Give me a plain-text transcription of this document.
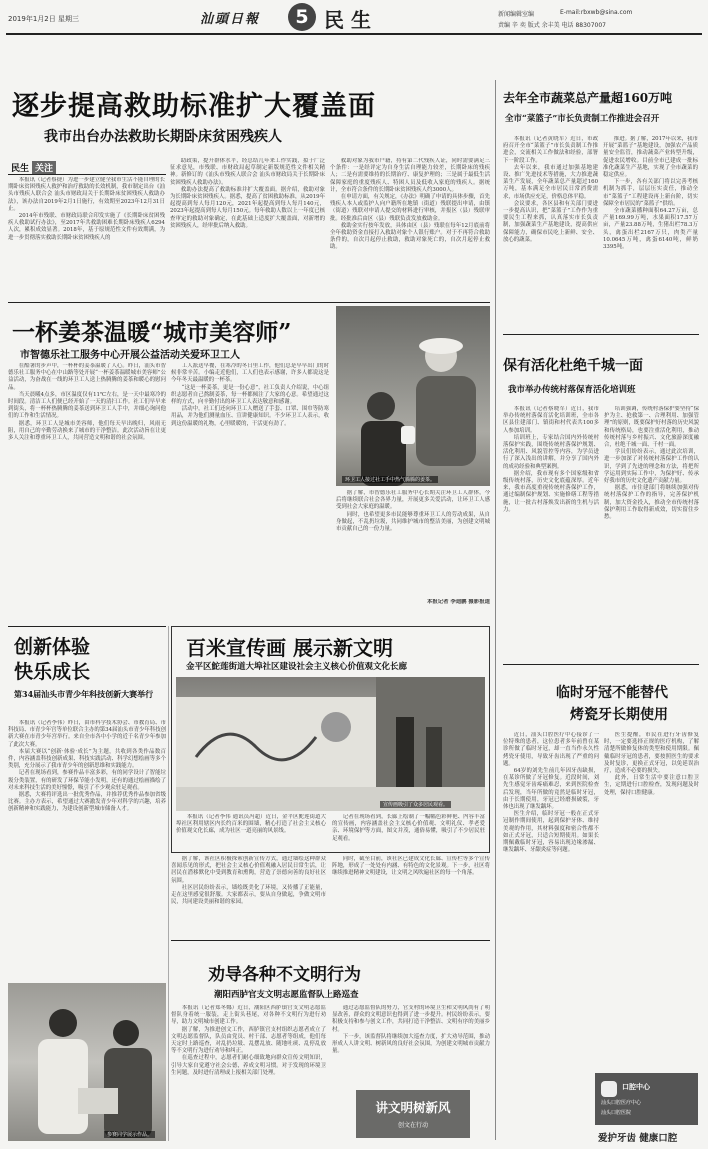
2019年1月2日 星期三	汕頭日報	5 民 生	新闻编辑室编	E-mail:rbxwb@sina.com
责编 辛 奕 版式 余丰美 电话 88307007
逐步提高救助标准扩大覆盖面
我市出台办法救助长期卧床贫困残疾人
民生 关注

本报讯（记者蔡捷）为进一步建立健全我市生活不能自理的长期卧床贫困残疾人救护和治疗救助的长效机制，我市制定出台《汕头市残疾人联合会 汕头市财政局关于长期卧床贫困残疾人救助办法》，该办法自2019年2月1日施行，有效期至2023年12月31日止。

2014年市残联、市财政局联合印发实施了《长期卧床贫困残疾人救助试行办法》，至2017年共救助困难长期卧床残疾人6294人次，累积成效显著。2018年，基于原规范性文件有效期满，为进一步贯彻落实救助长期卧床贫困残疾人的

助政策，提升群体水平，经总结几年来工作实践，拟于广泛征求意见，市残联、市财政局起草制定新版规范性文件相关精神。新修订的《汕头市残疾人联合会 汕头市财政局关于长期卧床贫困残疾人救助办法》。

救助办法提高了救助标准并扩大覆盖面。据介绍，救助对象为长期卧床贫困残疾人。据悉，提高了贫困救助标准，从2019年起提高到每人每月120元，2021年起提高到每人每月140元，2023年起提高到每人每月150元。每年救助人数以上一年度已核查审定的救助对象确定，在此基础上适度扩大覆盖面，对新增的贫困残疾人，经审批后纳入救助。

救助对象为我市户籍，持有第二代残疾人证，同时需要满足三个条件：一是经评定为自身生活自理能力较差，长期卧床的残疾人；二是有需要维持的长期治疗、康复护理的；三是属于最低生活保障家庭的重度残疾人、特困人员及低收入家庭的残疾人。据统计，全市符合条件的长期卧床贫困残疾人约3000人。

在申请方面，有关规定，《办法》明确了申请的具体步骤，首先残疾人本人或监护人向户籍所在地镇（街道）残联提出申请，由镇（街道）残联对申请人提交的材料进行审核，并报区（县）残联审批。经批准后由区（县）残联负责发放救助金。

救助金实行按年发放，具体由区（县）残联在每年12月底前将全年救助资金直接打入救助对象个人银行账户。对于不再符合救助条件的，自次月起停止救助，救助对象死亡的，自次月起停止救助。

去年全市蔬菜总产量超160万吨
全市“菜篮子”市长负责制工作推进会召开

本报讯（记者黄晓军）近日，市政府召开全市“菜篮子”市长负责制工作推进会，交流相关工作做法和经验，部署下一阶段工作。

去年以来，我市通过加强基地建设、推广先进技术等措施，大力推进蔬菜生产发展，全年蔬菜总产量超过160万吨，基本满足全市居民日常消费需求，市场供应充足，价格总体平稳。

会议要求，各区县和有关部门要进一步提高认识，把“菜篮子”工作作为重要民生工程来抓，认真落实市长负责制，加强蔬菜生产基地建设，提高供应保障能力，确保市民吃上新鲜、安全、放心的蔬菜。

推进。据了解，2017年以来，我市开展“菜篮子”基地建设，加强农产品质量安全监管，推动蔬菜产业转型升级，促进农民增收。目前全市已建成一批标准化蔬菜生产基地，实现了全市蔬菜的稳定供应。

下一步，各有关部门将以完善考核机制为抓手，层层压实责任，推动全市“菜篮子”工程建设再上新台阶，切实保障全市居民的“菜篮子”供给。

全市蔬菜播种面积64.27万亩，总产量169.99万吨，水果面积17.57万亩，产量23.88万吨，生猪出栏78.3万头，禽蛋出栏2167万只，肉类产量10.0645万吨，禽蛋6140吨，鲜奶3395吨。

一杯姜茶温暖“城市美容师”
市智德乐社工服务中心开展公益活动关爱环卫工人
环卫工人接过社工手中热气腾腾的姜茶。

在酷暑的步声中，一杯杯的姜茶温暖了人心。昨日，汕头市智德乐社工服务中心在中山路等处开展“一杯姜茶温暖城市美容师”公益活动，为奋战在一线的环卫工人送上热腾腾的姜茶和暖心的慰问品。

当天晨曦4点多，市区温度仅有11℃左右，是一天中最寒冷的时间段。清洁工人们便已经开始了一天的清扫工作。社工们早早来到街头，将一杯杯热腾腾的姜茶送到环卫工人手中，并细心询问他们的工作和生活情况。

据悉，环卫工人是城市美容师，他们每天早出晚归，风雨无阻，用自己的辛勤劳动换来了城市的干净整洁。此次活动旨在让更多人关注和尊重环卫工人，共同营造文明和谐的社会氛围。

工人派送早餐，在寒冷的冬日里工作，他们总是早早出门的时候非常辛苦。小编走近他们，工人们也表示感谢，许多人都说这是今年冬天最温暖的一杯茶。

“这是一杯姜茶，更是一份心意”，社工负责人介绍说，中心组织志愿者自己熬制姜茶，每一杯都倾注了大家的心意。希望通过这样的方式，向辛勤付出的环卫工人表达敬意和感谢。

活动中，社工们还向环卫工人赠送了手套、口罩、围巾等防寒用品，并为他们测量血压、宣讲健康知识。不少环卫工人表示，收到这份温暖的礼物，心里暖暖的，干活更有劲了。

据了解，市智德乐社工服务中心长期关注环卫工人群体，今后将继续联合社会各界力量，开展更多关爱活动，让环卫工人感受到社会大家庭的温暖。

同时，也希望更多市民能够尊重环卫工人的劳动成果，从自身做起，不乱扔垃圾，共同维护城市的整洁美丽，为创建文明城市贡献自己的一份力量。

本报记者 李迪鹏 摄影报道
保有活化杜绝千城一面
我市举办传统村落保育活化培训班

本报讯（记者蔡晓军）近日，我市举办传统村落保育活化培训班，全市各区县住建部门、镇街和村代表共100多人参加培训。

培训班上，专家结合国内外传统村落保护实践，围绕传统村落保护规划、活化利用、风貌管控等内容，为学员进行了深入浅出的讲解，并分享了国内外的成功经验和典型案例。

据介绍，我市现有多个国家级和省级传统村落，历史文化底蕴深厚。近年来，我市高度重视传统村落保护工作，通过编制保护规划、实施修缮工程等措施，让一批古村落焕发出新的生机与活力。

培训强调，传统村落保护要坚持“保护为主、抢救第一、合理利用、加强管理”的原则，既要保护好村落的历史风貌和传统格局，也要注重活化利用，推动传统村落与乡村振兴、文化旅游深度融合，杜绝千城一面、千村一面。

学员们纷纷表示，通过此次培训，进一步加深了对传统村落保护工作的认识，学到了先进的理念和方法，将把所学运用到实际工作中，为保护好、传承好我市的历史文化遗产贡献力量。

据悉，市住建部门将继续加强对传统村落保护工作的指导，完善保护机制，加大资金投入，推动全市传统村落保护利用工作取得新成效，切实留住乡愁。

创新体验
快乐成长
第34届汕头市青少年科技创新大赛举行

本报讯（记者李伟）昨日，由市科学技术协会、市教育局、市科技局、市青少年宫等单位联合主办的第34届汕头市青少年科技创新大赛在市青少年宫举行。来自全市各中小学的近千名青少年参加了此次大赛。

本届大赛以“创新·体验·成长”为主题，共收到各类作品数百件，内容涵盖科技创新成果、科技实践活动、科学幻想绘画等多个类别，充分展示了我市青少年的创新思维和实践能力。

记者在现场看到，参赛作品丰富多彩，有的同学设计了智能垃圾分类装置，有的研发了环保节能小发明，还有的通过绘画描绘了对未来科技生活的美好憧憬，吸引了不少观众驻足观看。

据悉，大赛将评选出一批优秀作品，并推荐优秀作品参加省级比赛。主办方表示，希望通过大赛激发青少年对科学的兴趣，培养创新精神和实践能力，为建设创新型城市储备人才。

参赛同学展示作品。
百米宣传画 展示新文明
金平区鮀莲街道大埠社区建设社会主义核心价值观文化长廊
宣传画吸引了众多居民观看。

本报讯（记者李伟 通讯员冯超）近日，金平区鮀莲街道大埠社区利用辖区内长约百米的围墙，精心打造了社会主义核心价值观文化长廊，成为社区一道亮丽的风景线。

记者在现场看到，长廊上绘制了一幅幅色彩鲜艳、内容丰富的宣传画，内容涵盖社会主义核心价值观、文明礼仪、孝老爱亲、环境保护等方面，图文并茂，通俗易懂，吸引了不少居民驻足观看。

据了解，该社区积极探索创新宣传方式，通过墙绘这种群众喜闻乐见的形式，把社会主义核心价值观融入居民日常生活，让居民在潜移默化中受到教育和熏陶，营造了崇德向善的良好社区氛围。

社区居民纷纷表示，墙绘既美化了环境，又传播了正能量，走在这里感觉很舒服。大家都表示，要从自身做起，争做文明市民，共同建设美丽和谐的家园。

同时，截至目前，该社区已建成文化长廊、宣传栏等多个宣传阵地，形成了一处处有内涵、有特色的文化景观。下一步，社区将继续推进精神文明建设，让文明之风吹遍社区的每一个角落。

临时牙冠不能替代
烤瓷牙长期使用

近日，汕头口腔医疗中心接诊了一位特殊的患者，这位患者多年前曾在某诊所做了临时牙冠，却一直当作永久性烤瓷牙使用，导致牙齿出现了严重的问题。

64岁的刘先生前几年因牙齿缺损，在某诊所做了牙冠修复。近段时间，刘先生感觉牙齿疼痛难忍，来到医院检查后发现，当年所做的竟然是临时牙冠，由于长期使用，牙冠已经磨损破裂，牙体也出现了继发龋坏。

医生介绍，临时牙冠一般在正式牙冠制作期间使用，起到保护牙体、维持美观的作用，其材料强度和密合性都不如正式牙冠，只适合短期使用。如果长期佩戴临时牙冠，容易出现边缘渗漏、继发龋坏、牙龈炎症等问题。

医生提醒，市民在进行牙齿修复时，一定要选择正规的医疗机构，了解清楚所做修复体的类型和使用期限。佩戴临时牙冠的患者，要按照医生的要求及时复诊，更换正式牙冠，以免延误治疗，造成不必要的损失。

此外，日常生活中要注意口腔卫生，定期进行口腔检查，发现问题及时处理，保持口腔健康。

口腔中心
汕头口腔医疗中心
汕头口腔医院
爱护牙齿 健康口腔
劝导各种不文明行为
潮阳西胪官支文明志愿监督队上路巡查

本报讯（记者郑冬娜）近日，潮阳区西胪镇官支文明志愿监督队身着统一服装，走上街头巷尾，对各种不文明行为进行劝导，助力文明城市创建工作。

据了解，为推进创文工作，西胪镇官支村组织志愿者成立了文明志愿监督队，队员由党员、村干部、志愿者等组成，他们每天定时上路巡查，对乱扔垃圾、乱摆乱放、随地吐痰、乱停乱放等不文明行为进行劝导和纠正。

在巡查过程中，志愿者们耐心细致地向群众宣传文明知识，引导大家自觉遵守社会公德，养成文明习惯。对于发现的环境卫生问题，及时进行清理或上报相关部门处理。

通过志愿监督队的努力，官支村的环境卫生和文明风尚有了明显改善，群众的文明意识也得到了进一步提升。村民纷纷表示，要积极支持和参与创文工作，共同打造干净整洁、文明有序的美丽乡村。

下一步，该监督队将继续加大巡查力度，扩大劝导范围，推动形成人人讲文明、树新风的良好社会氛围，为创建文明城市贡献力量。

讲文明树新风
创文在行动
